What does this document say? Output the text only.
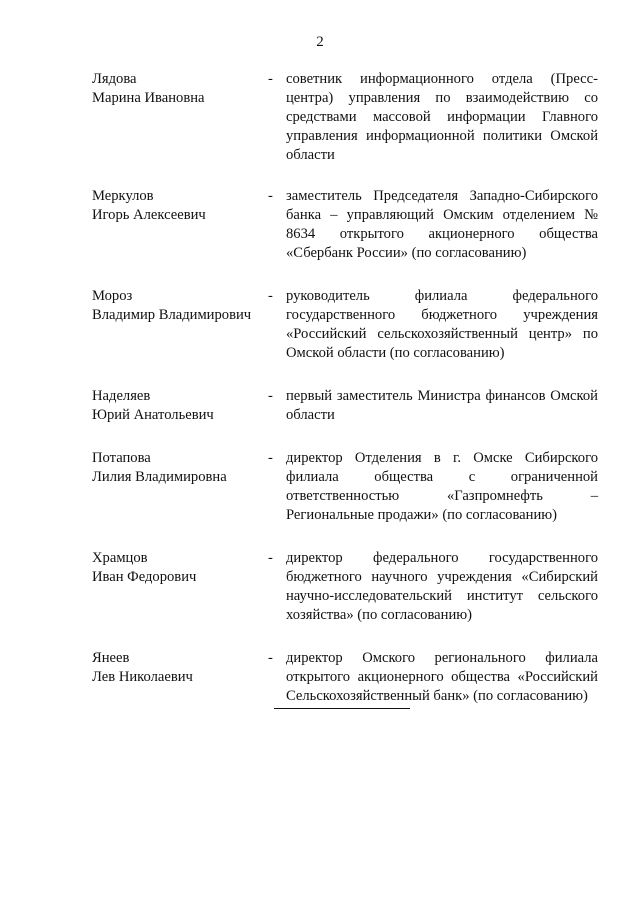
2
Лядова
Марина Ивановна
- советник информационного отдела (Пресс-центра) управления по взаимодействию со средствами массовой информации Главного управления информационной политики Омской области
Меркулов
Игорь Алексеевич
- заместитель Председателя Западно-Сибирского банка – управляющий Омским отделением № 8634 открытого акционерного общества «Сбербанк России» (по согласованию)
Мороз
Владимир Владимирович
- руководитель филиала федерального государственного бюджетного учреждения «Российский сельскохозяйственный центр» по Омской области (по согласованию)
Наделяев
Юрий Анатольевич
- первый заместитель Министра финансов Омской области
Потапова
Лилия Владимировна
- директор Отделения в г. Омске Сибирского филиала общества с ограниченной ответственностью «Газпромнефть – Региональные продажи» (по согласованию)
Храмцов
Иван Федорович
- директор федерального государственного бюджетного научного учреждения «Сибирский научно-исследовательский институт сельского хозяйства» (по согласованию)
Янеев
Лев Николаевич
- директор Омского регионального филиала открытого акционерного общества «Российский Сельскохозяйственный банк» (по согласованию)
